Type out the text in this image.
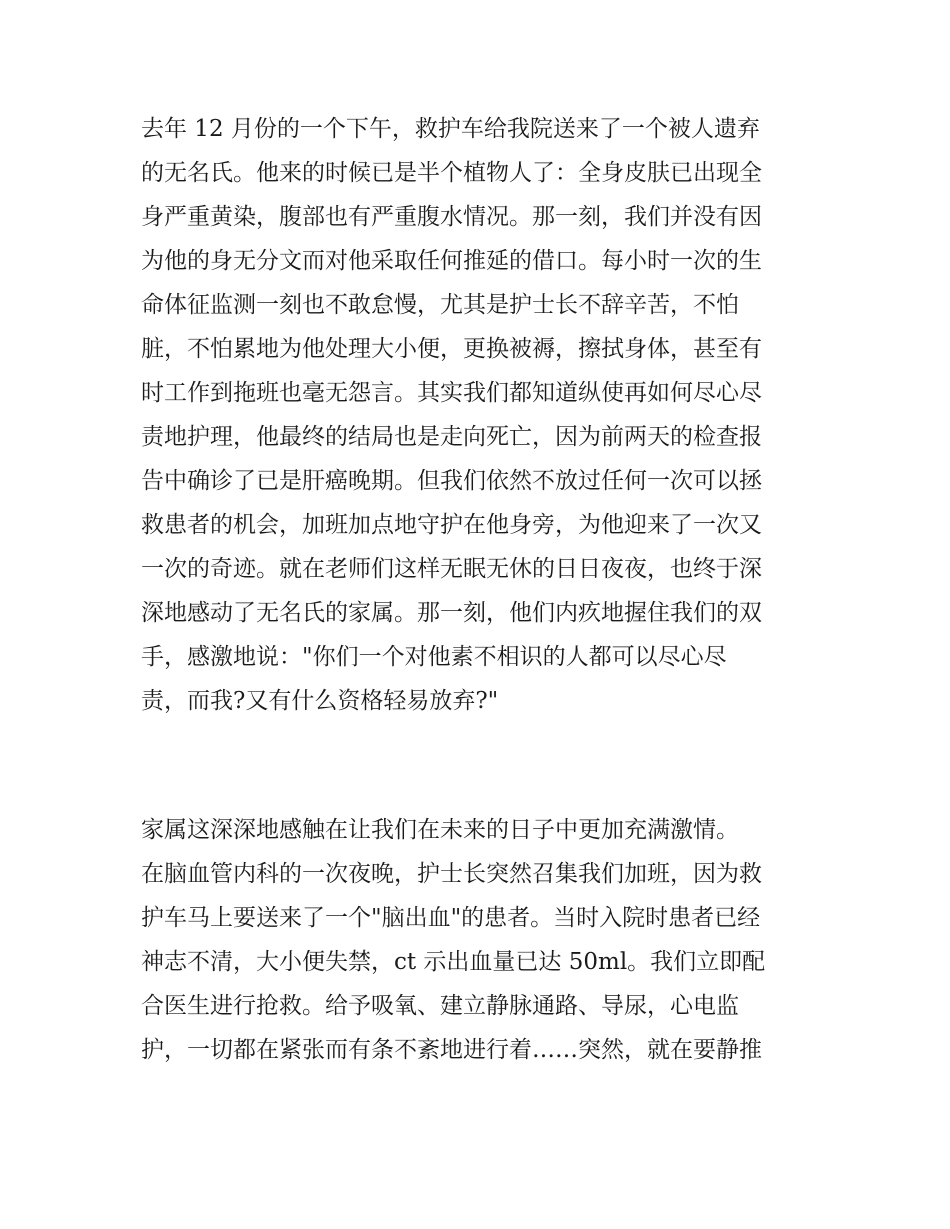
去年 12 月份的一个下午，救护车给我院送来了一个被人遗弃
的无名氏。他来的时候已是半个植物人了：全身皮肤已出现全
身严重黄染，腹部也有严重腹水情况。那一刻，我们并没有因
为他的身无分文而对他采取任何推延的借口。每小时一次的生
命体征监测一刻也不敢怠慢，尤其是护士长不辞辛苦，不怕
脏，不怕累地为他处理大小便，更换被褥，擦拭身体，甚至有
时工作到拖班也毫无怨言。其实我们都知道纵使再如何尽心尽
责地护理，他最终的结局也是走向死亡，因为前两天的检查报
告中确诊了已是肝癌晚期。但我们依然不放过任何一次可以拯
救患者的机会，加班加点地守护在他身旁，为他迎来了一次又
一次的奇迹。就在老师们这样无眠无休的日日夜夜，也终于深
深地感动了无名氏的家属。那一刻，他们内疚地握住我们的双
手，感激地说："你们一个对他素不相识的人都可以尽心尽
责，而我?又有什么资格轻易放弃?"
家属这深深地感触在让我们在未来的日子中更加充满激情。
在脑血管内科的一次夜晚，护士长突然召集我们加班，因为救
护车马上要送来了一个"脑出血"的患者。当时入院时患者已经
神志不清，大小便失禁，ct 示出血量已达 50ml。我们立即配
合医生进行抢救。给予吸氧、建立静脉通路、导尿，心电监
护，一切都在紧张而有条不紊地进行着……突然，就在要静推
